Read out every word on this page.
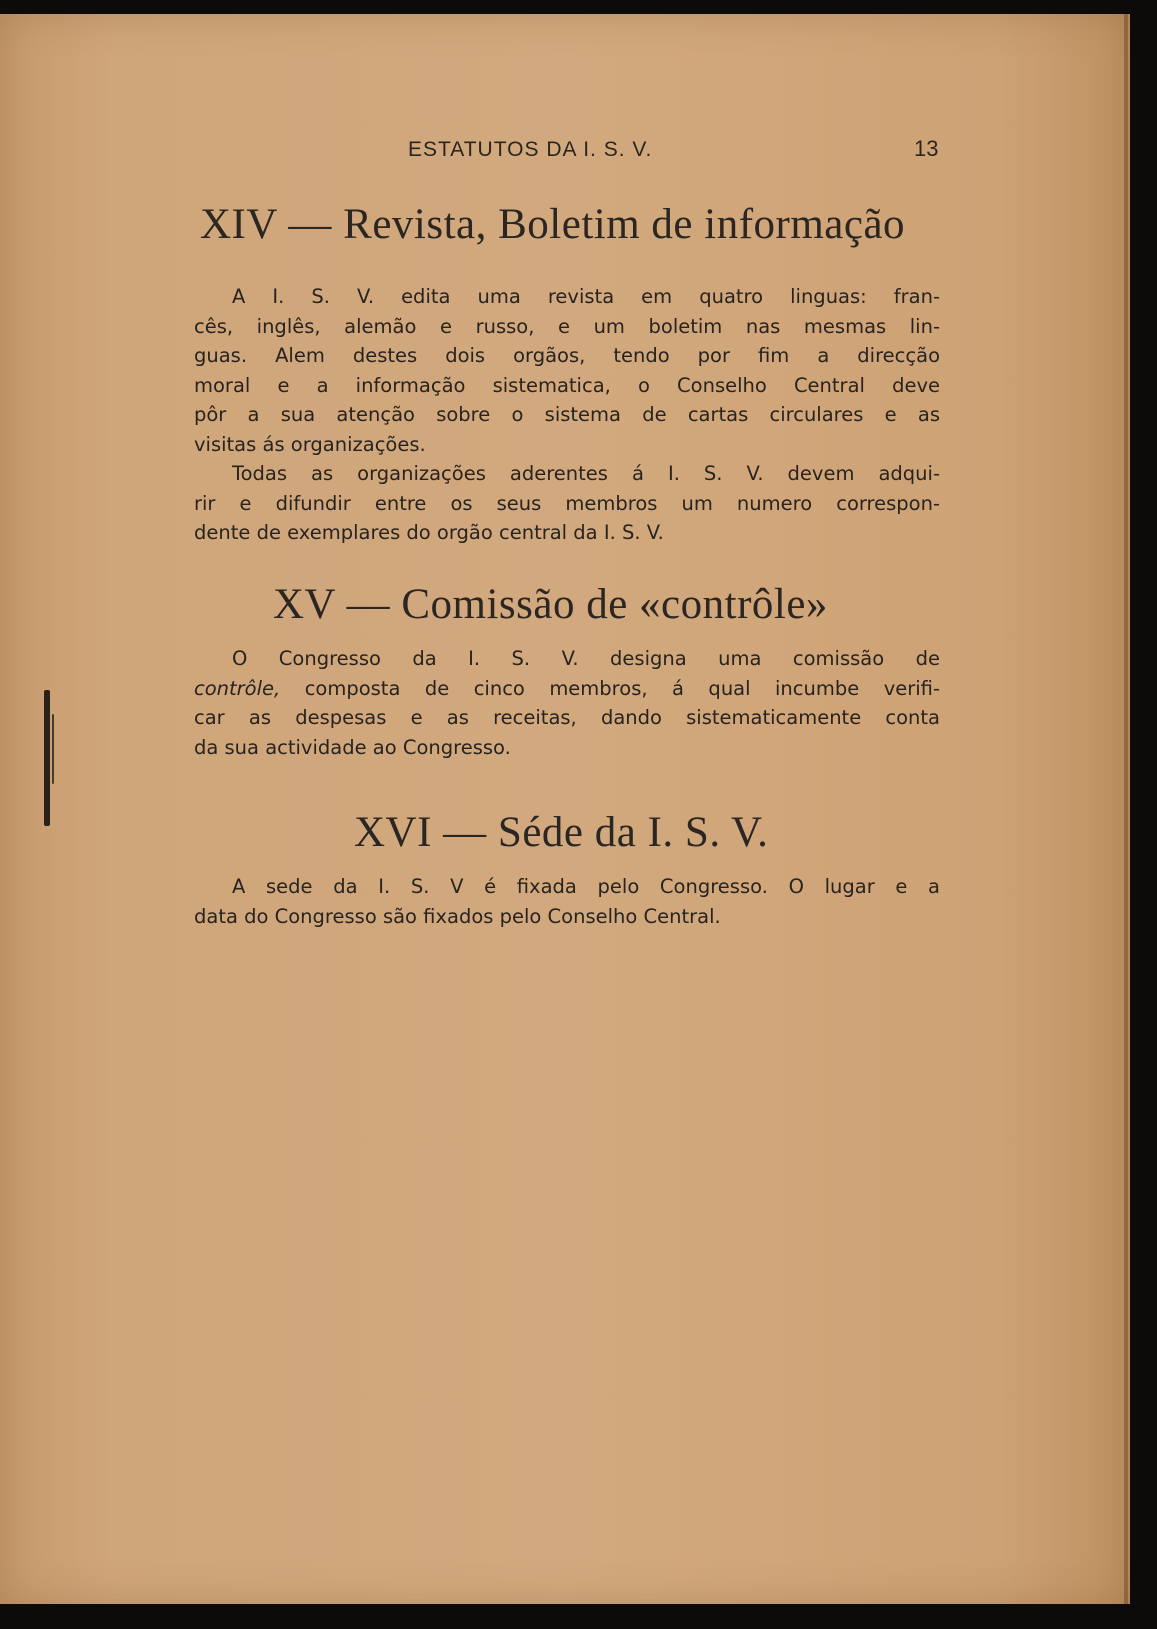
ESTATUTOS DA I. S. V.	13
XIV — Revista, Boletim de informação
A I. S. V. edita uma revista em quatro linguas: fran-
cês, inglês, alemão e russo, e um boletim nas mesmas lin-
guas. Alem destes dois orgãos, tendo por fim a direcção
moral e a informação sistematica, o Conselho Central deve
pôr a sua atenção sobre o sistema de cartas circulares e as
visitas ás organizações.
Todas as organizações aderentes á I. S. V. devem adqui-
rir e difundir entre os seus membros um numero correspon-
dente de exemplares do orgão central da I. S. V.
XV — Comissão de «contrôle»
O Congresso da I. S. V. designa uma comissão de
contrôle, composta de cinco membros, á qual incumbe verifi-
car as despesas e as receitas, dando sistematicamente conta
da sua actividade ao Congresso.
XVI — Séde da I. S. V.
A sede da I. S. V é fixada pelo Congresso. O lugar e a
data do Congresso são fixados pelo Conselho Central.
